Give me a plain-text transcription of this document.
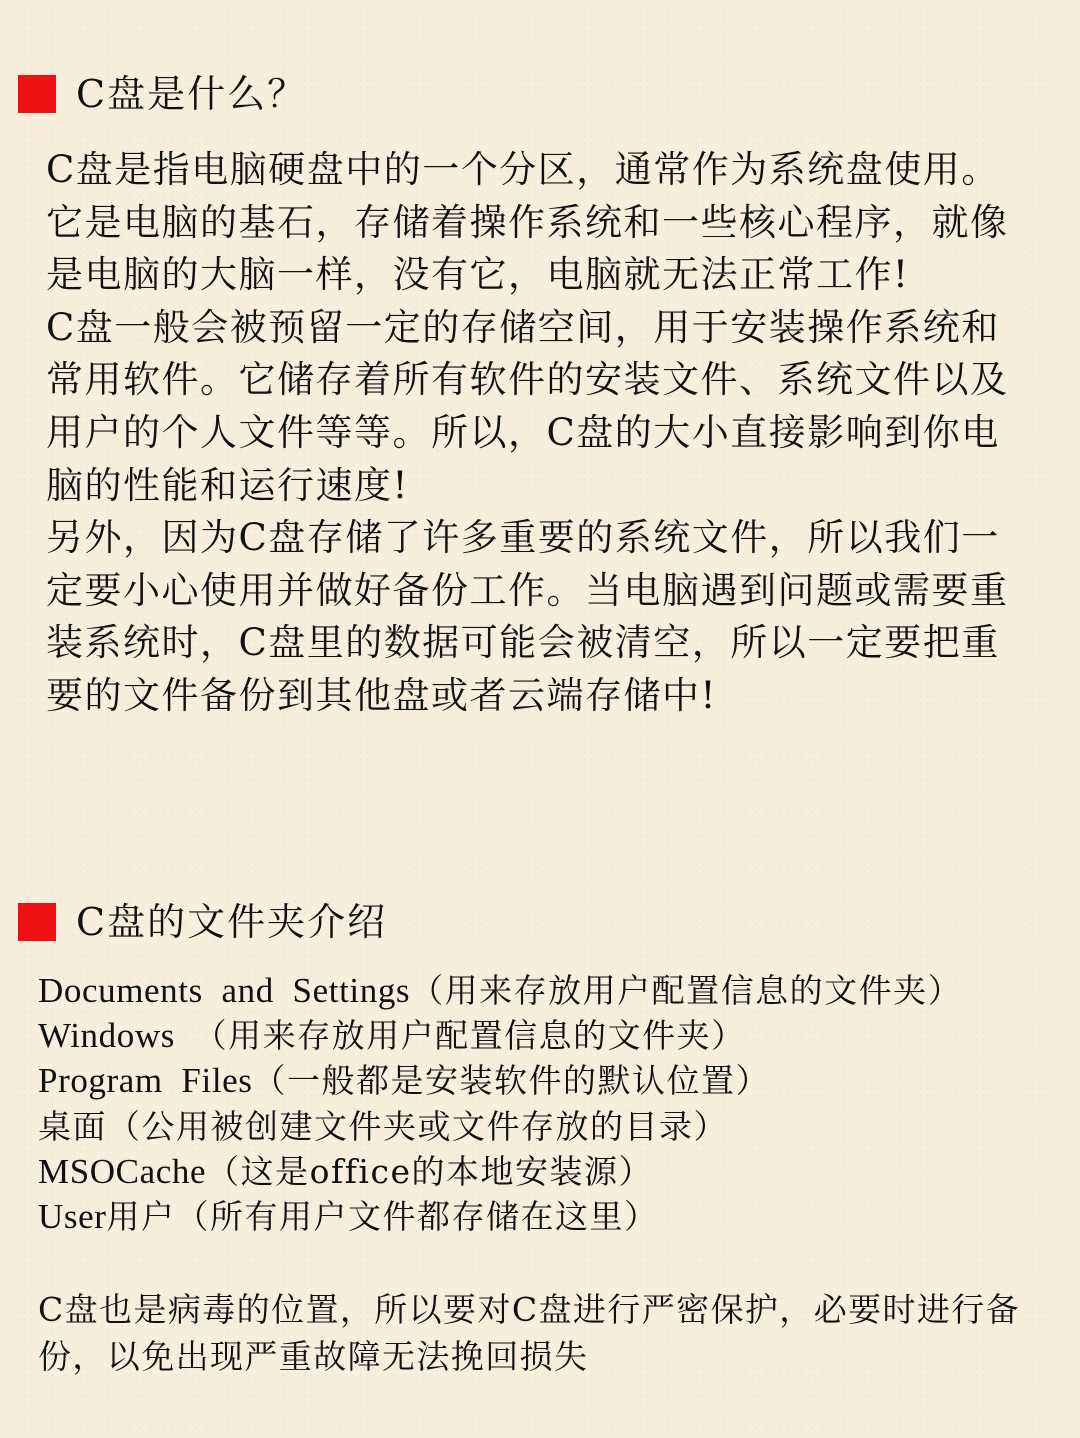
C盘是什么？

C盘是指电脑硬盘中的一个分区，通常作为系统盘使用。它是电脑的基石，存储着操作系统和一些核心程序，就像是电脑的大脑一样，没有它，电脑就无法正常工作!

C盘一般会被预留一定的存储空间，用于安装操作系统和常用软件。它储存着所有软件的安装文件、系统文件以及用户的个人文件等等。所以，C盘的大小直接影响到你电脑的性能和运行速度!

另外，因为C盘存储了许多重要的系统文件，所以我们一定要小心使用并做好备份工作。当电脑遇到问题或需要重装系统时，C盘里的数据可能会被清空，所以一定要把重要的文件备份到其他盘或者云端存储中!

C盘的文件夹介绍
Documents  and  Settings（用来存放用户配置信息的文件夹）
Windows  （用来存放用户配置信息的文件夹）
Program  Files（一般都是安装软件的默认位置）
桌面（公用被创建文件夹或文件存放的目录）
MSOCache（这是office的本地安装源）
User用户（所有用户文件都存储在这里）
C盘也是病毒的位置，所以要对C盘进行严密保护，必要时进行备份，以免出现严重故障无法挽回损失
